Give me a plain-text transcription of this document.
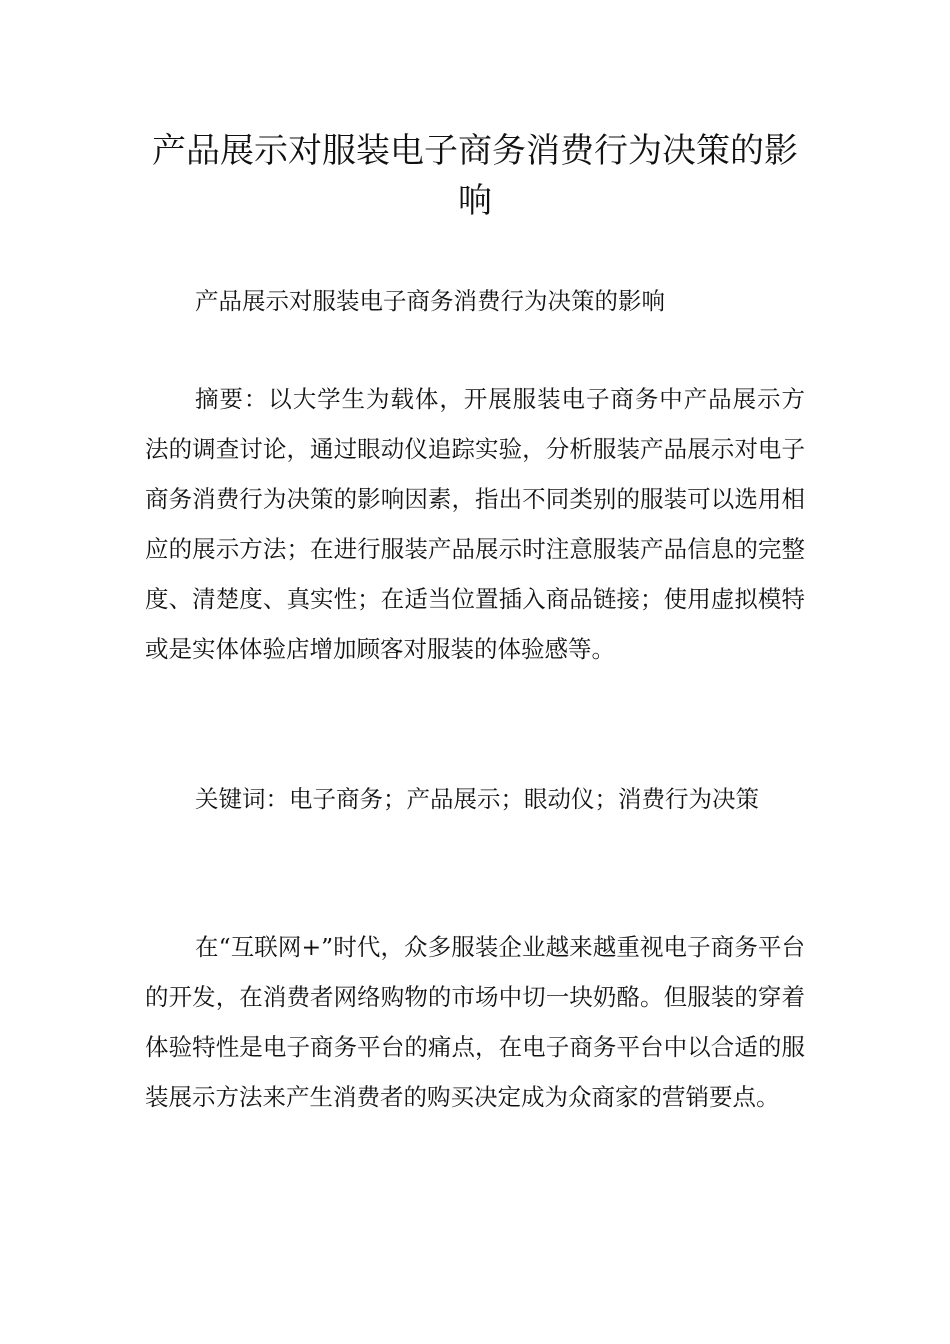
产品展示对服装电子商务消费行为决策的影响

产品展示对服装电子商务消费行为决策的影响

摘要：以大学生为载体，开展服装电子商务中产品展示方法的调查讨论，通过眼动仪追踪实验，分析服装产品展示对电子商务消费行为决策的影响因素，指出不同类别的服装可以选用相应的展示方法；在进行服装产品展示时注意服装产品信息的完整度、清楚度、真实性；在适当位置插入商品链接；使用虚拟模特或是实体体验店增加顾客对服装的体验感等。

关键词：电子商务；产品展示；眼动仪；消费行为决策

在“互联网+”时代，众多服装企业越来越重视电子商务平台的开发，在消费者网络购物的市场中切一块奶酪。但服装的穿着体验特性是电子商务平台的痛点，在电子商务平台中以合适的服装展示方法来产生消费者的购买决定成为众商家的营销要点。
